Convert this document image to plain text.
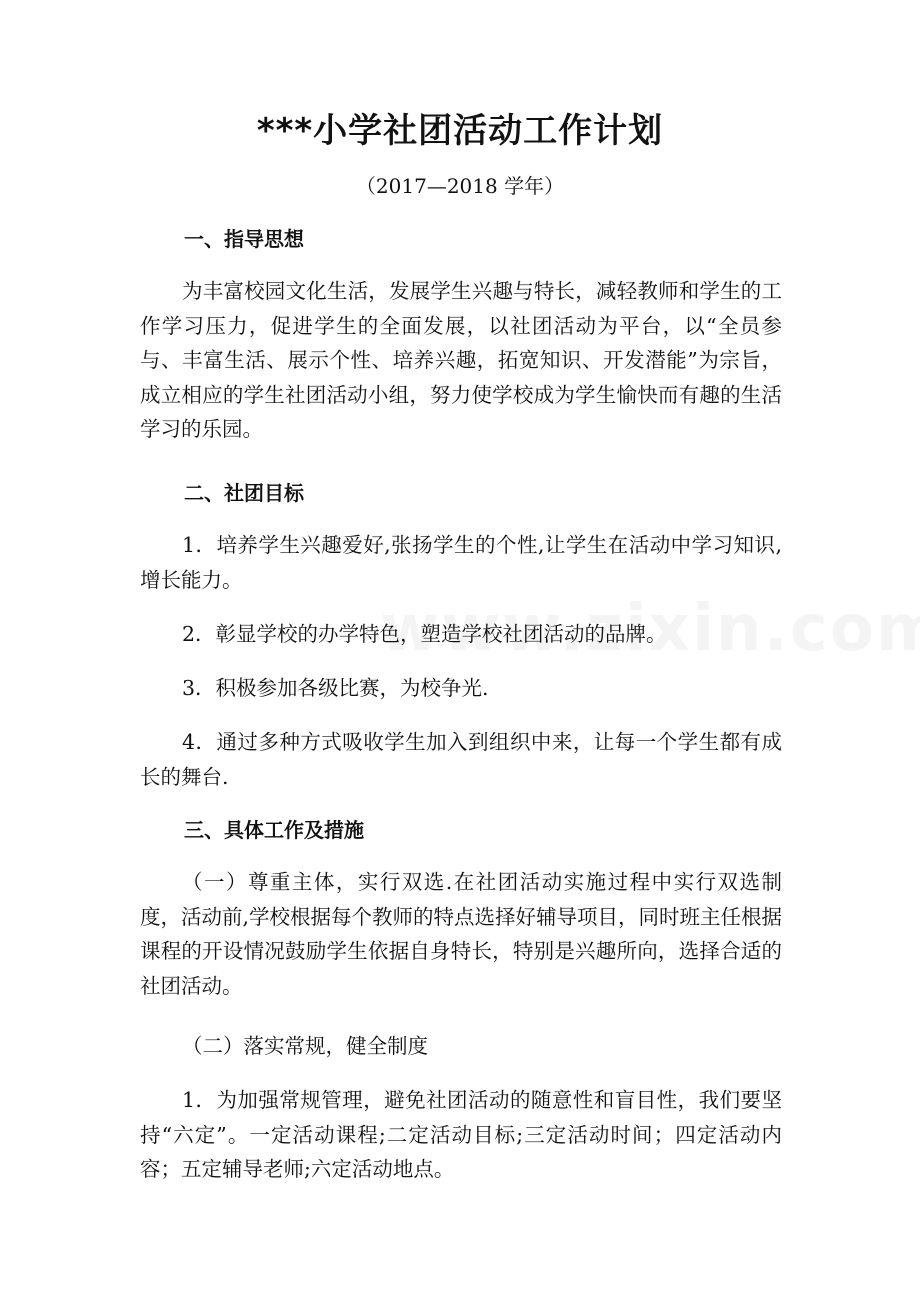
***小学社团活动工作计划

（2017—2018 学年）

一、指导思想

为丰富校园文化生活，发展学生兴趣与特长，减轻教师和学生的工作学习压力，促进学生的全面发展，以社团活动为平台，以“全员参与、丰富生活、展示个性、培养兴趣，拓宽知识、开发潜能”为宗旨，成立相应的学生社团活动小组，努力使学校成为学生愉快而有趣的生活学习的乐园。

二、社团目标

1．培养学生兴趣爱好,张扬学生的个性,让学生在活动中学习知识,增长能力。

2．彰显学校的办学特色，塑造学校社团活动的品牌。

3．积极参加各级比赛，为校争光.

4．通过多种方式吸收学生加入到组织中来，让每一个学生都有成长的舞台.

三、具体工作及措施

（一）尊重主体，实行双选.在社团活动实施过程中实行双选制度，活动前,学校根据每个教师的特点选择好辅导项目，同时班主任根据课程的开设情况鼓励学生依据自身特长，特别是兴趣所向，选择合适的社团活动。

（二）落实常规，健全制度

1．为加强常规管理，避免社团活动的随意性和盲目性，我们要坚持“六定”。一定活动课程;二定活动目标;三定活动时间；四定活动内容；五定辅导老师;六定活动地点。
